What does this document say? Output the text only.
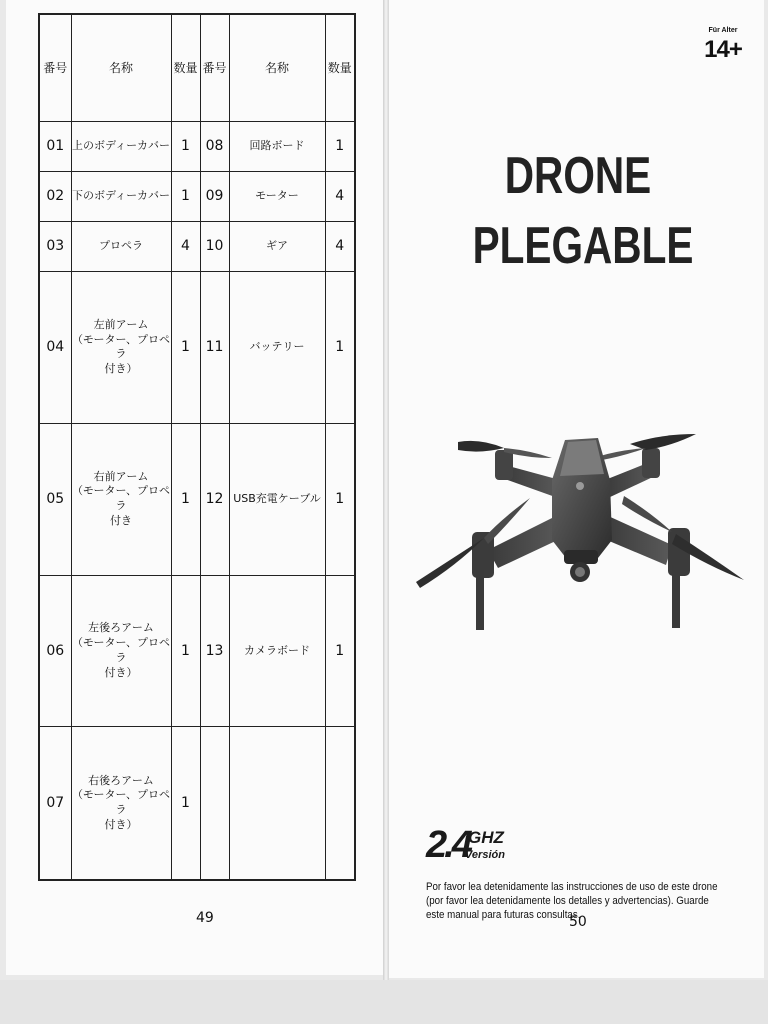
番号	名称	数量	番号	名称	数量
01	上のボディーカバー	1	08	回路ボード	1
02	下のボディーカバー	1	09	モーター	4
03	プロペラ	4	10	ギア	4
04	左前アーム
（モーター、プロペラ
付き）	1	11	バッテリー	1
05	右前アーム
（モーター、プロペラ
付き	1	12	USB充電ケーブル	1
06	左後ろアーム
（モーター、プロペラ
付き）	1	13	カメラボード	1
07	右後ろアーム
（モーター、プロペラ
付き）	1			
49
Für Alter
14+
DRONE
PLEGABLE
2.4
GHZ
Versión
Por favor lea detenidamente las instrucciones de uso de este drone (por favor lea detenidamente los detalles y advertencias). Guarde este manual para futuras consultas.
50
